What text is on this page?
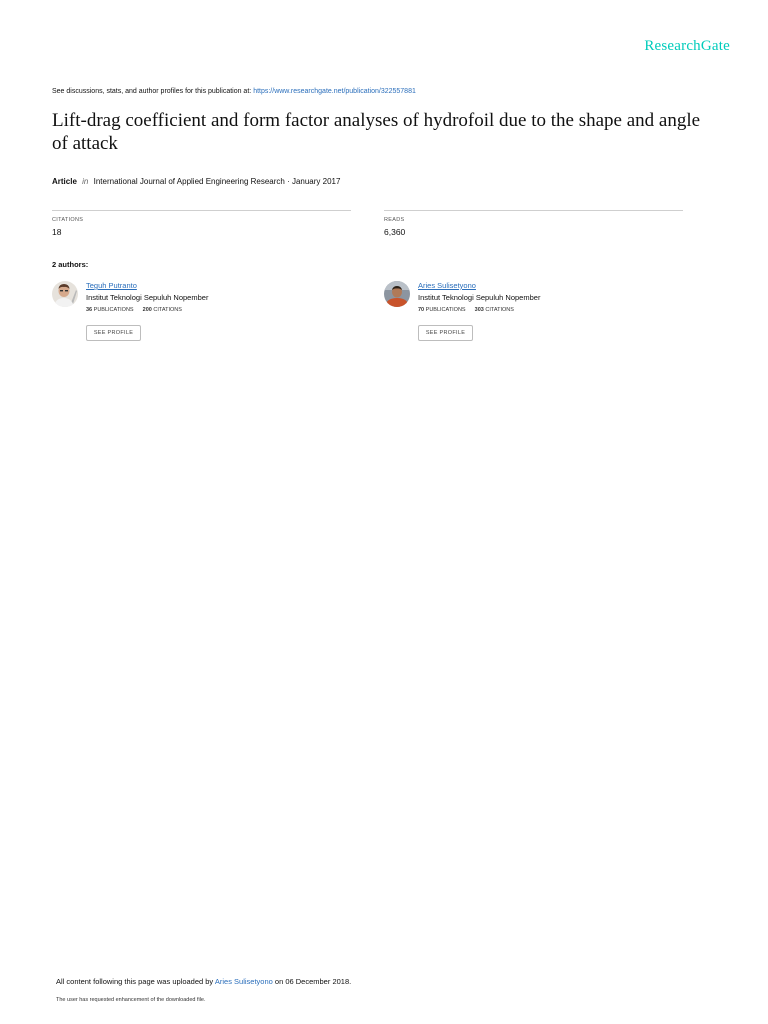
ResearchGate
See discussions, stats, and author profiles for this publication at: https://www.researchgate.net/publication/322557881
Lift-drag coefficient and form factor analyses of hydrofoil due to the shape and angle of attack
Article in International Journal of Applied Engineering Research · January 2017
CITATIONS
18
READS
6,360
2 authors:
Teguh Putranto
Institut Teknologi Sepuluh Nopember
36 PUBLICATIONS 200 CITATIONS
SEE PROFILE
Aries Sulisetyono
Institut Teknologi Sepuluh Nopember
70 PUBLICATIONS 303 CITATIONS
SEE PROFILE
All content following this page was uploaded by Aries Sulisetyono on 06 December 2018.
The user has requested enhancement of the downloaded file.
